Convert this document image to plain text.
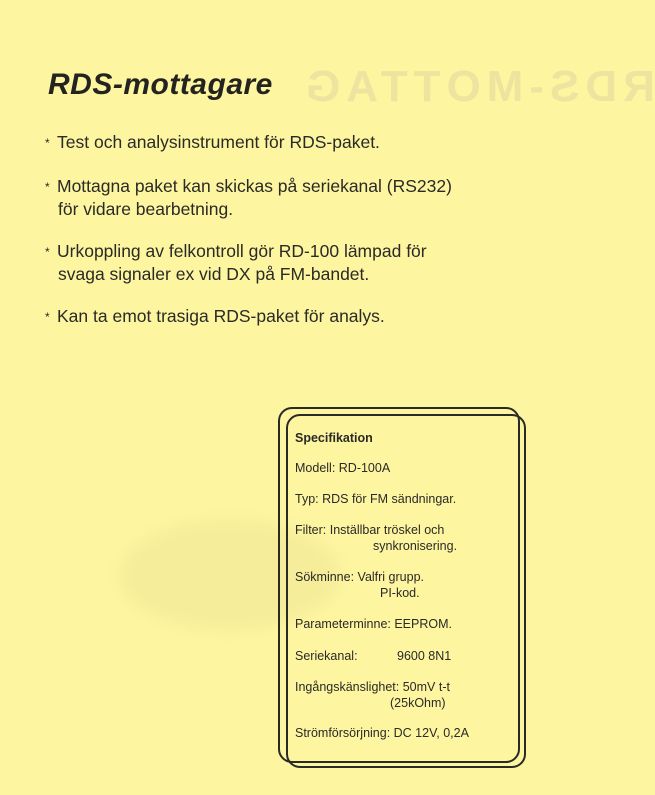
RDS-MOTTAG
RDS-mottagare
* Test och analysinstrument för RDS-paket.
* Mottagna paket kan skickas på seriekanal (RS232)
för vidare bearbetning.
* Urkoppling av felkontroll gör RD-100 lämpad för
svaga signaler ex vid DX på FM-bandet.
* Kan ta emot trasiga RDS-paket för analys.
Specifikation
Modell: RD-100A
Typ: RDS för FM sändningar.
Filter: Inställbar tröskel och
synkronisering.
Sökminne: Valfri grupp.
PI-kod.
Parameterminne: EEPROM.
Seriekanal:	9600 8N1
Ingångskänslighet: 50mV t-t
(25kOhm)
Strömförsörjning: DC 12V, 0,2A
